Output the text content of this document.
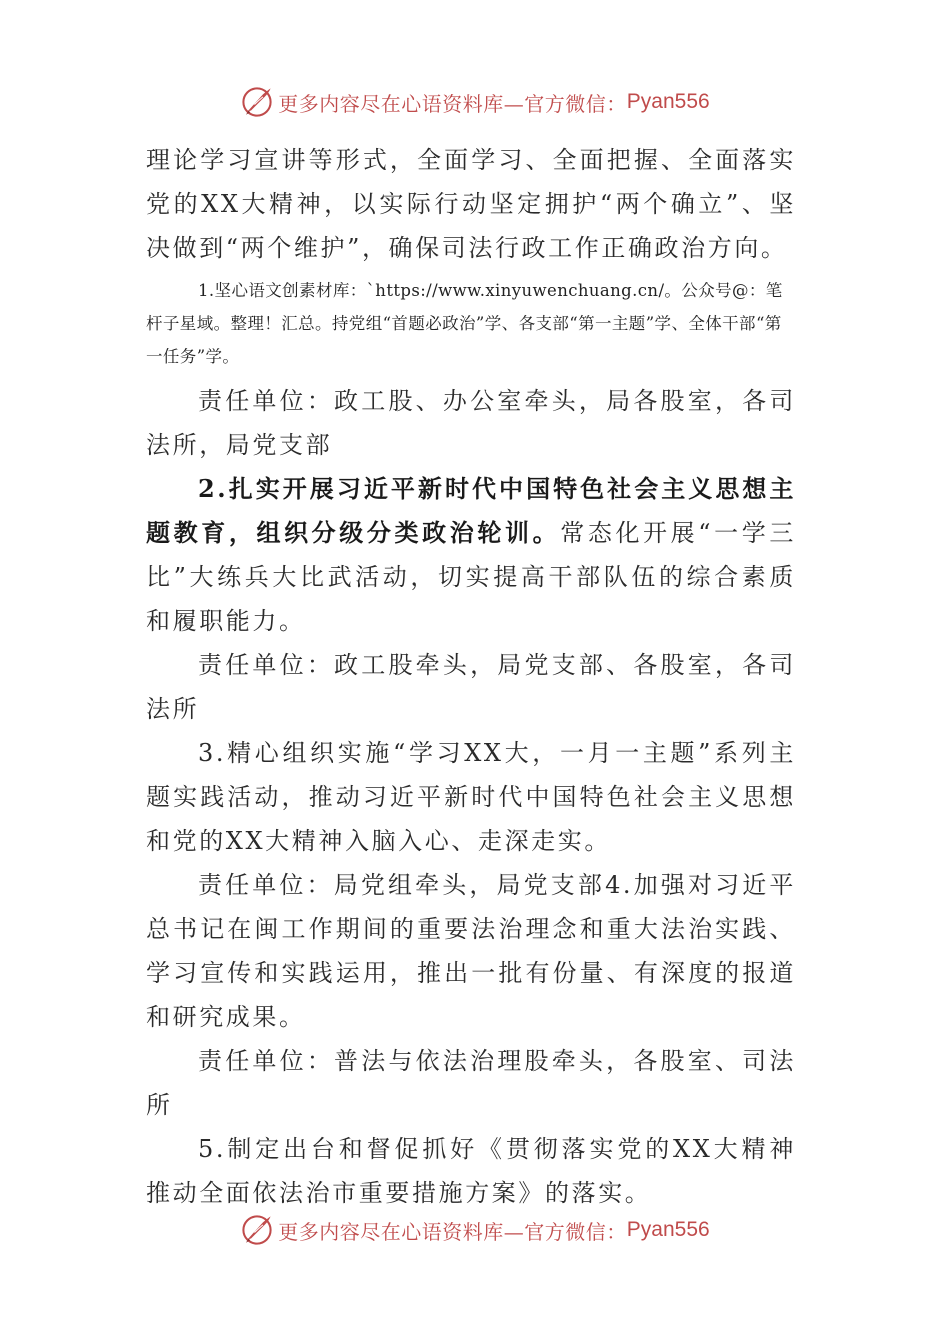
更多内容尽在心语资料库—官方微信： Pyan556

理论学习宣讲等形式，全面学习、全面把握、全面落实党的XX大精神，以实际行动坚定拥护“两个确立”、坚决做到“两个维护”，确保司法行政工作正确政治方向。

1.坚心语文创素材库：`https://www.xinyuwenchuang.cn/。公众号@：笔杆子星域。整理！汇总。持党组“首题必政治”学、各支部“第一主题”学、全体干部“第一任务”学。

责任单位：政工股、办公室牵头，局各股室，各司法所，局党支部

2.扎实开展习近平新时代中国特色社会主义思想主题教育，组织分级分类政治轮训。常态化开展“一学三比”大练兵大比武活动，切实提高干部队伍的综合素质和履职能力。

责任单位：政工股牵头，局党支部、各股室，各司法所

3.精心组织实施“学习XX大，一月一主题”系列主题实践活动，推动习近平新时代中国特色社会主义思想和党的XX大精神入脑入心、走深走实。

责任单位：局党组牵头，局党支部4.加强对习近平总书记在闽工作期间的重要法治理念和重大法治实践、学习宣传和实践运用，推出一批有份量、有深度的报道和研究成果。

责任单位：普法与依法治理股牵头，各股室、司法所

5.制定出台和督促抓好《贯彻落实党的XX大精神推动全面依法治市重要措施方案》的落实。

更多内容尽在心语资料库—官方微信： Pyan556
